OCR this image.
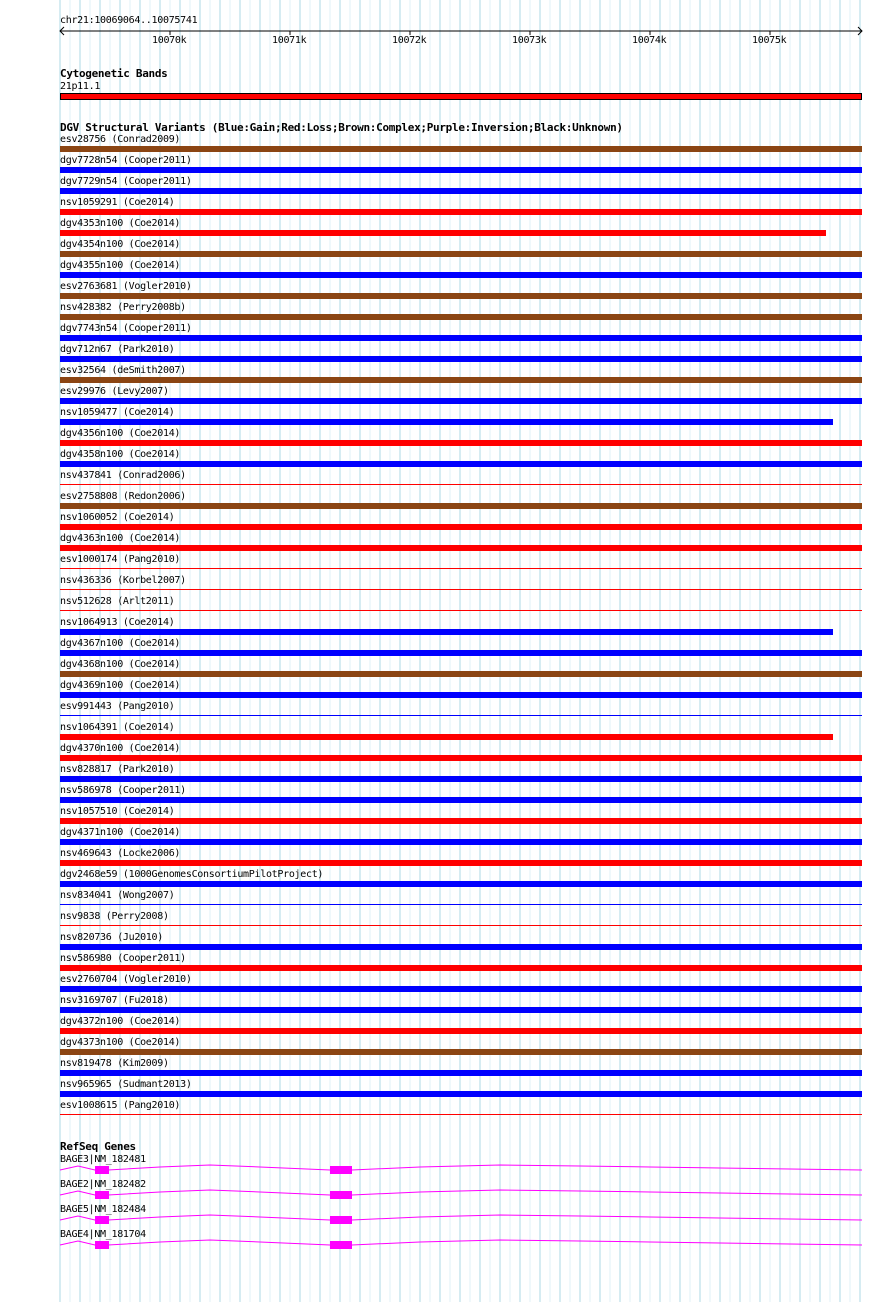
chr21:10069064..10075741
10070k	10071k	10072k	10073k	10074k	10075k
Cytogenetic Bands
21p11.1
DGV Structural Variants (Blue:Gain;Red:Loss;Brown:Complex;Purple:Inversion;Black:Unknown)
esv28756 (Conrad2009)
dgv7728n54 (Cooper2011)
dgv7729n54 (Cooper2011)
nsv1059291 (Coe2014)
dgv4353n100 (Coe2014)
dgv4354n100 (Coe2014)
dgv4355n100 (Coe2014)
esv2763681 (Vogler2010)
nsv428382 (Perry2008b)
dgv7743n54 (Cooper2011)
dgv712n67 (Park2010)
esv32564 (deSmith2007)
esv29976 (Levy2007)
nsv1059477 (Coe2014)
dgv4356n100 (Coe2014)
dgv4358n100 (Coe2014)
nsv437841 (Conrad2006)
esv2758808 (Redon2006)
nsv1060052 (Coe2014)
dgv4363n100 (Coe2014)
esv1000174 (Pang2010)
nsv436336 (Korbel2007)
nsv512628 (Arlt2011)
nsv1064913 (Coe2014)
dgv4367n100 (Coe2014)
dgv4368n100 (Coe2014)
dgv4369n100 (Coe2014)
esv991443 (Pang2010)
nsv1064391 (Coe2014)
dgv4370n100 (Coe2014)
nsv828817 (Park2010)
nsv586978 (Cooper2011)
nsv1057510 (Coe2014)
dgv4371n100 (Coe2014)
nsv469643 (Locke2006)
dgv2468e59 (1000GenomesConsortiumPilotProject)
nsv834041 (Wong2007)
nsv9838 (Perry2008)
nsv820736 (Ju2010)
nsv586980 (Cooper2011)
esv2760704 (Vogler2010)
nsv3169707 (Fu2018)
dgv4372n100 (Coe2014)
dgv4373n100 (Coe2014)
nsv819478 (Kim2009)
nsv965965 (Sudmant2013)
esv1008615 (Pang2010)
RefSeq Genes
BAGE3|NM_182481
BAGE2|NM_182482
BAGE5|NM_182484
BAGE4|NM_181704
